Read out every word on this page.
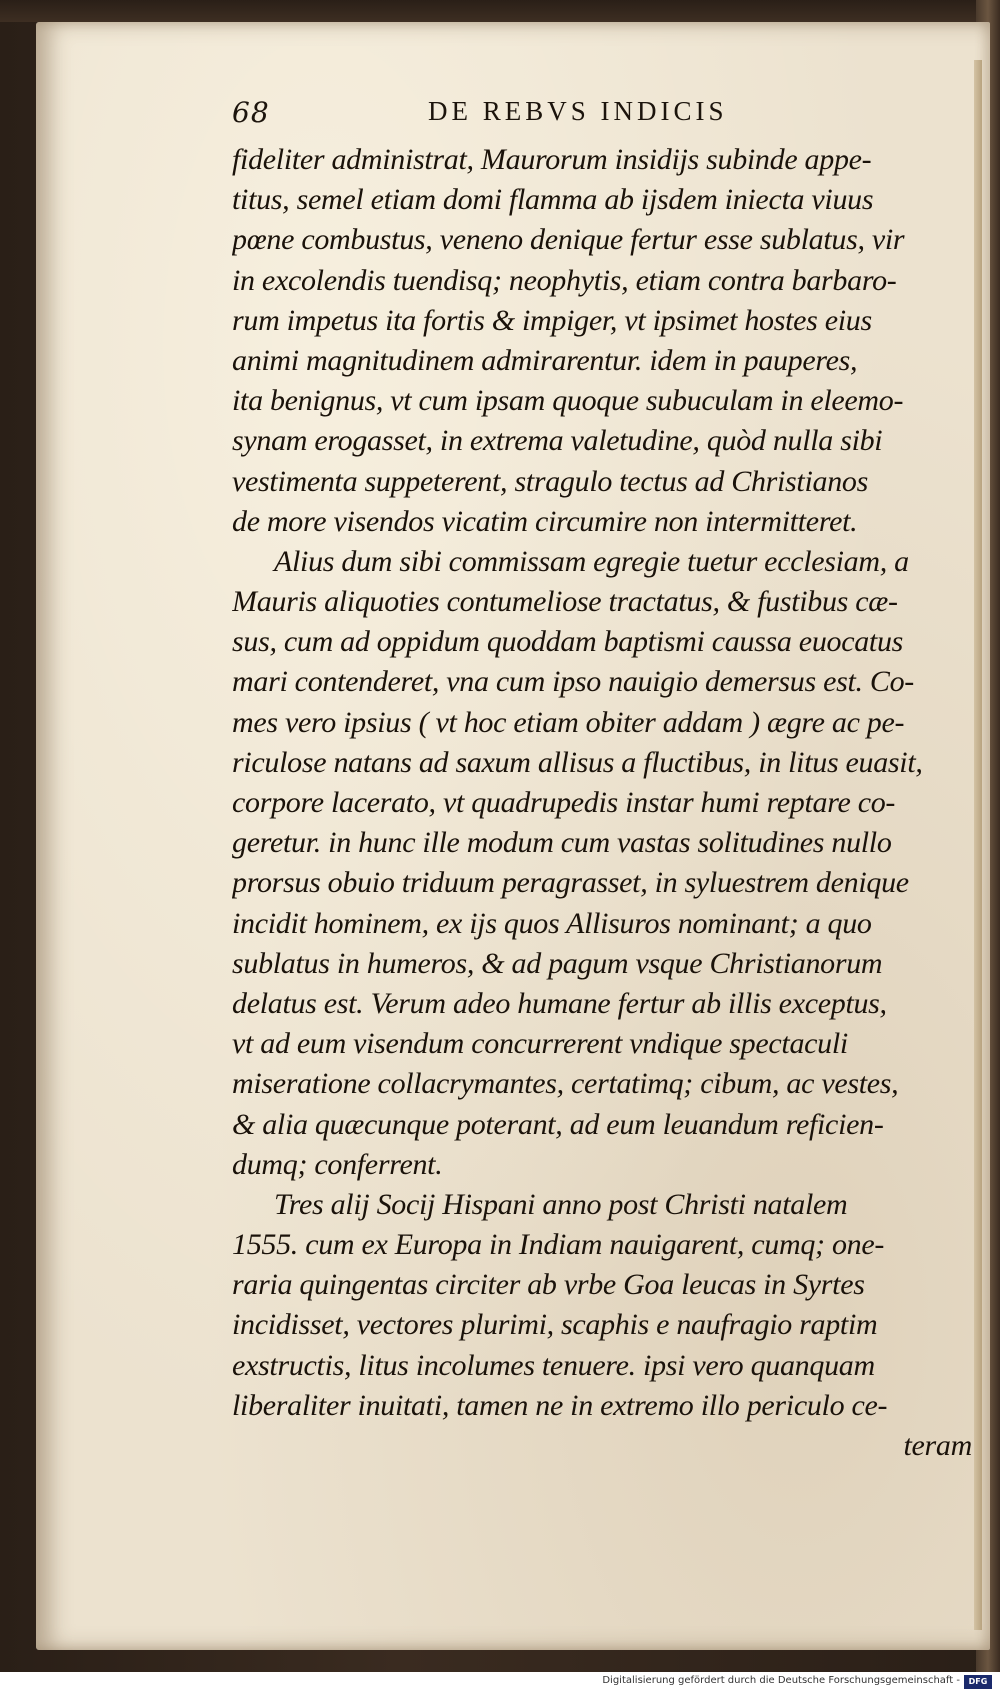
68	DE REBVS INDICIS
fideliter administrat, Maurorum insidijs subinde appe-
titus, semel etiam domi flamma ab ijsdem iniecta viuus
pœne combustus, veneno denique fertur esse sublatus, vir
in excolendis tuendisq; neophytis, etiam contra barbaro-
rum impetus ita fortis & impiger, vt ipsimet hostes eius
animi magnitudinem admirarentur. idem in pauperes,
ita benignus, vt cum ipsam quoque subuculam in eleemo-
synam erogasset, in extrema valetudine, quòd nulla sibi
vestimenta suppeterent, stragulo tectus ad Christianos
de more visendos vicatim circumire non intermitteret.
Alius dum sibi commissam egregie tuetur ecclesiam, a
Mauris aliquoties contumeliose tractatus, & fustibus cæ-
sus, cum ad oppidum quoddam baptismi caussa euocatus
mari contenderet, vna cum ipso nauigio demersus est. Co-
mes vero ipsius ( vt hoc etiam obiter addam ) ægre ac pe-
riculose natans ad saxum allisus a fluctibus, in litus euasit,
corpore lacerato, vt quadrupedis instar humi reptare co-
geretur. in hunc ille modum cum vastas solitudines nullo
prorsus obuio triduum peragrasset, in syluestrem denique
incidit hominem, ex ijs quos Allisuros nominant; a quo
sublatus in humeros, & ad pagum vsque Christianorum
delatus est. Verum adeo humane fertur ab illis exceptus,
vt ad eum visendum concurrerent vndique spectaculi
miseratione collacrymantes, certatimq; cibum, ac vestes,
& alia quæcunque poterant, ad eum leuandum reficien-
dumq; conferrent.
Tres alij Socij Hispani anno post Christi natalem
1555. cum ex Europa in Indiam nauigarent, cumq; one-
raria quingentas circiter ab vrbe Goa leucas in Syrtes
incidisset, vectores plurimi, scaphis e naufragio raptim
exstructis, litus incolumes tenuere. ipsi vero quanquam
liberaliter inuitati, tamen ne in extremo illo periculo ce-
teram
Digitalisierung gefördert durch die Deutsche Forschungsgemeinschaft -	DFG
